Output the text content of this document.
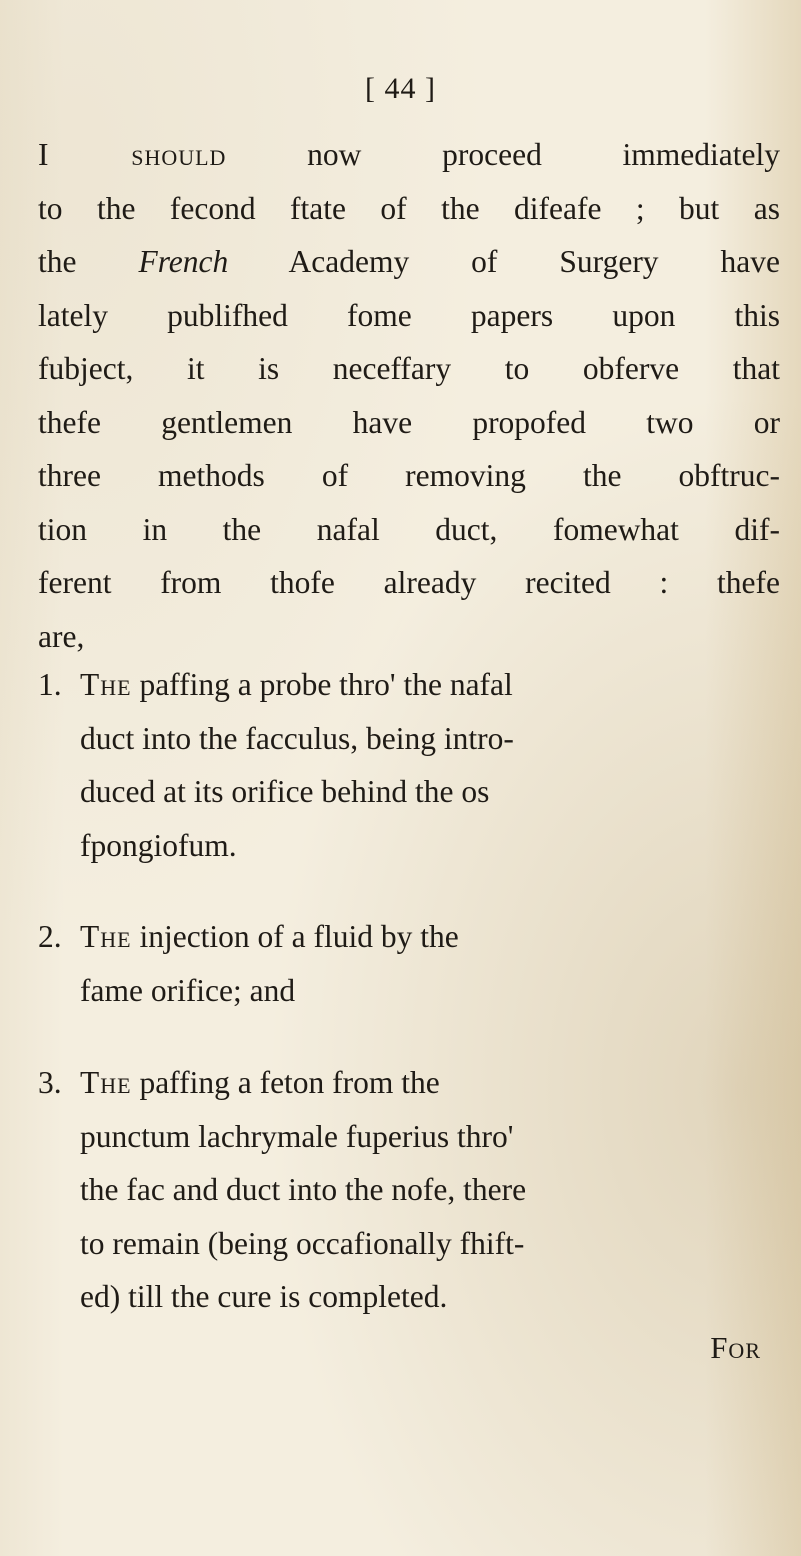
[ 44 ]
I should now proceed immediately
to the fecond ftate of the difeafe ; but as
the French Academy of Surgery have
lately publifhed fome papers upon this
fubject, it is neceffary to obferve that
thefe gentlemen have propofed two or
three methods of removing the obftruc-
tion in the nafal duct, fomewhat dif-
ferent from thofe already recited : thefe
are,
1. The paffing a probe thro' the nafal
duct into the facculus, being intro-
duced at its orifice behind the os
fpongiofum.
2. The injection of a fluid by the
fame orifice; and
3. The paffing a feton from the
punctum lachrymale fuperius thro'
the fac and duct into the nofe, there
to remain (being occafionally fhift-
ed) till the cure is completed.
For
